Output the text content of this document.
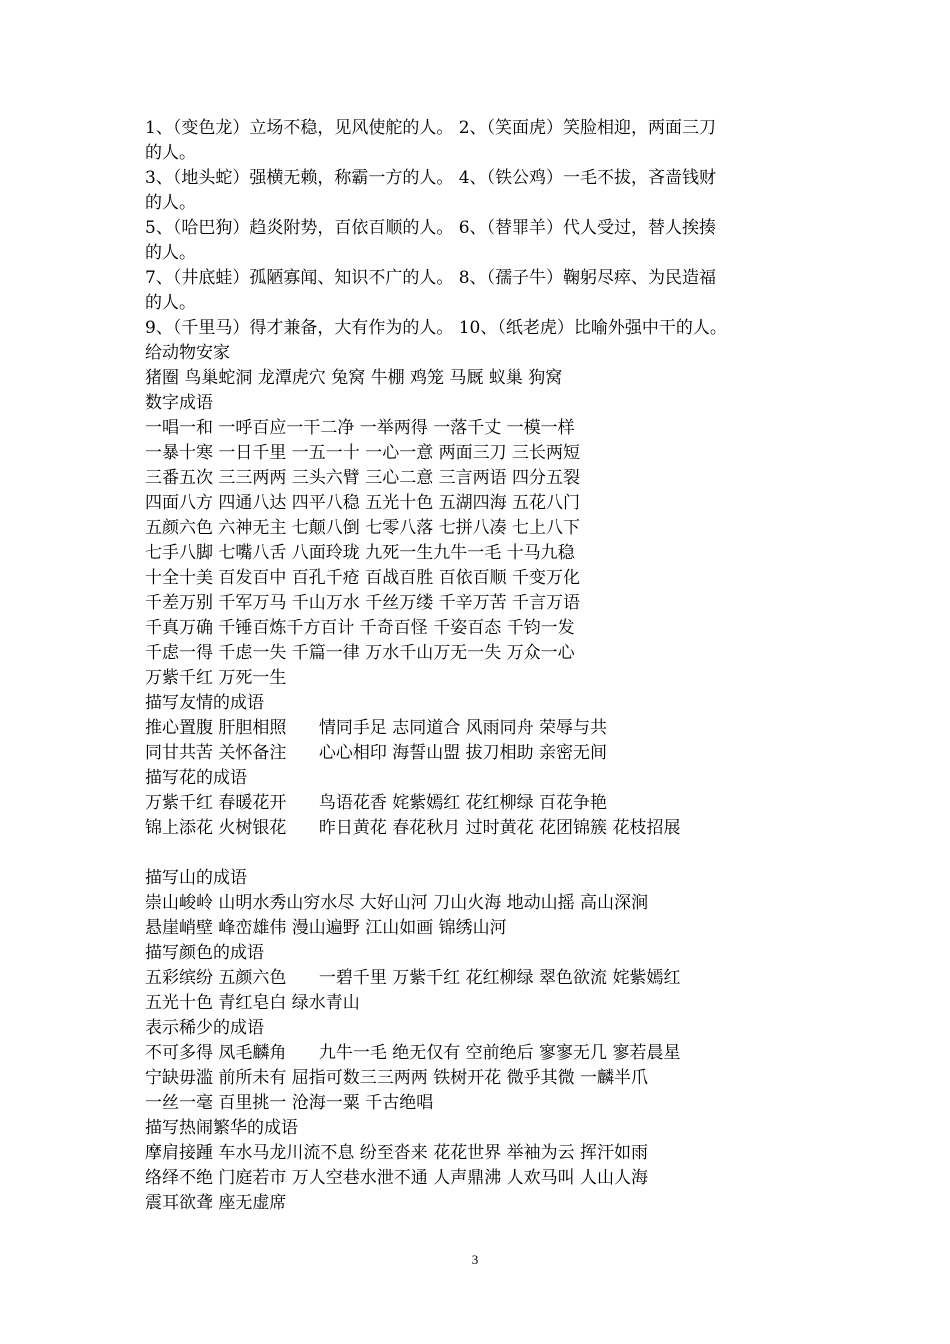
1、（变色龙）立场不稳，见风使舵的人。 2、（笑面虎）笑脸相迎，两面三刀
的人。
3、（地头蛇）强横无赖，称霸一方的人。 4、（铁公鸡）一毛不拔，吝啬钱财
的人。
5、（哈巴狗）趋炎附势，百依百顺的人。 6、（替罪羊）代人受过，替人挨揍
的人。
7、（井底蛙）孤陋寡闻、知识不广的人。 8、（孺子牛）鞠躬尽瘁、为民造福
的人。
9、（千里马）得才兼备，大有作为的人。 10、（纸老虎）比喻外强中干的人。
给动物安家
猪圈 鸟巢蛇洞 龙潭虎穴 兔窝 牛棚 鸡笼 马厩 蚁巢 狗窝
数字成语
一唱一和 一呼百应一干二净 一举两得 一落千丈 一模一样
一暴十寒 一日千里 一五一十 一心一意 两面三刀 三长两短
三番五次 三三两两 三头六臂 三心二意 三言两语 四分五裂
四面八方 四通八达 四平八稳 五光十色 五湖四海 五花八门
五颜六色 六神无主 七颠八倒 七零八落 七拼八凑 七上八下
七手八脚 七嘴八舌 八面玲珑 九死一生九牛一毛 十马九稳
十全十美 百发百中 百孔千疮 百战百胜 百依百顺 千变万化
千差万别 千军万马 千山万水 千丝万缕 千辛万苦 千言万语
千真万确 千锤百炼千方百计 千奇百怪 千姿百态 千钧一发
千虑一得 千虑一失 千篇一律 万水千山万无一失 万众一心
万紫千红 万死一生
描写友情的成语
推心置腹 肝胆相照      情同手足 志同道合 风雨同舟 荣辱与共
同甘共苦 关怀备注      心心相印 海誓山盟 拔刀相助 亲密无间
描写花的成语
万紫千红 春暖花开      鸟语花香 姹紫嫣红 花红柳绿 百花争艳
锦上添花 火树银花      昨日黄花 春花秋月 过时黄花 花团锦簇 花枝招展
描写山的成语
崇山峻岭 山明水秀山穷水尽 大好山河 刀山火海 地动山摇 高山深涧
悬崖峭壁 峰峦雄伟 漫山遍野 江山如画 锦绣山河
描写颜色的成语
五彩缤纷 五颜六色      一碧千里 万紫千红 花红柳绿 翠色欲流 姹紫嫣红
五光十色 青红皂白 绿水青山
表示稀少的成语
不可多得 凤毛麟角      九牛一毛 绝无仅有 空前绝后 寥寥无几 寥若晨星
宁缺毋滥 前所未有 屈指可数三三两两 铁树开花 微乎其微 一麟半爪
一丝一毫 百里挑一 沧海一粟 千古绝唱
描写热闹繁华的成语
摩肩接踵 车水马龙川流不息 纷至沓来 花花世界 举袖为云 挥汗如雨
络绎不绝 门庭若市 万人空巷水泄不通 人声鼎沸 人欢马叫 人山人海
震耳欲聋 座无虚席
3
